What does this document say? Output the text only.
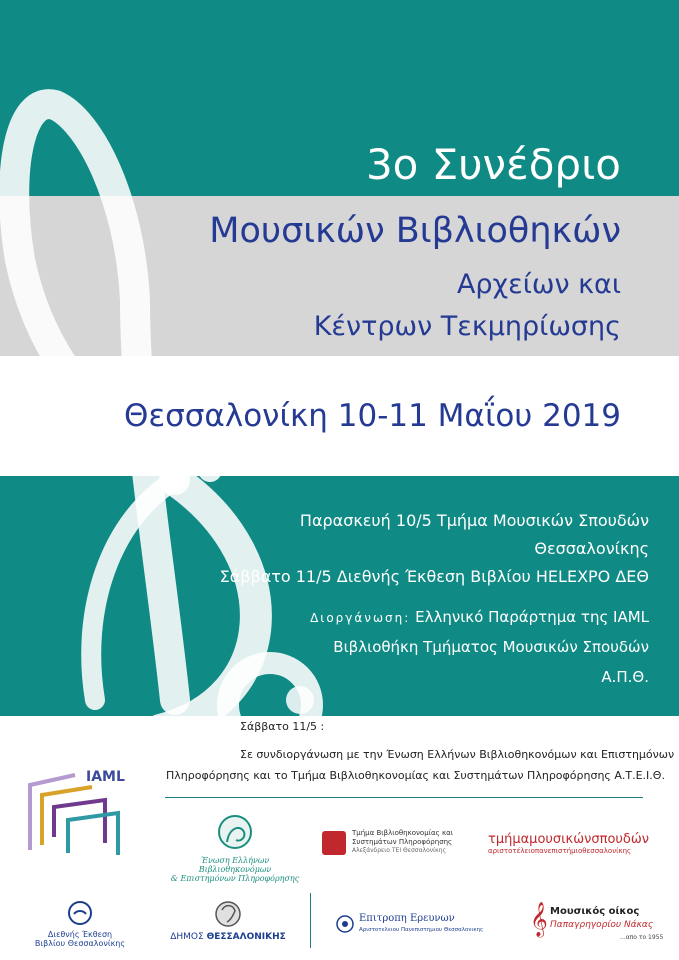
3ο Συνέδριο
Μουσικών Βιβλιοθηκών
Αρχείων και
Κέντρων Τεκμηρίωσης
Θεσσαλονίκη 10-11 Μαΐου 2019
Παρασκευή 10/5 Τμήμα Μουσικών Σπουδών
Θεσσαλονίκης
Σάββατο 11/5 Διεθνής Έκθεση Βιβλίου HELEXPO ΔΕΘ
Διοργάνωση: Ελληνικό Παράρτημα της IAML
Βιβλιοθήκη Τμήματος Μουσικών Σπουδών
Α.Π.Θ.
Σάββατο 11/5 :
Σε συνδιοργάνωση με την Ένωση Ελλήνων Βιβλιοθηκονόμων και Επιστημόνων
Πληροφόρησης και το Τμήμα Βιβλιοθηκονομίας και Συστημάτων Πληροφόρησης Α.Τ.Ε.Ι.Θ.
IAML
Ένωση Ελλήνων Βιβλιοθηκονόμων
& Επιστημόνων Πληροφόρησης
Τμήμα Βιβλιοθηκονομίας και
Συστημάτων Πληροφόρησης
Αλεξάνδρειο ΤΕΙ Θεσσαλονίκης
τμήμαμουσικώνσπουδών
αριστοτέλειοπανεπιστήμιοθεσσαλονίκης
Διεθνής Έκθεση
Βιβλίου Θεσσαλονίκης
ΔΗΜΟΣ ΘΕΣΣΑΛΟΝΙΚΗΣ
Επιτροπη Ερευνων
Αριστοτελειου Πανεπιστημιου Θεσσαλονικης 𝄞 Μουσικός οίκος
Παπαγρηγορίου Νάκας
...απο το 1955
